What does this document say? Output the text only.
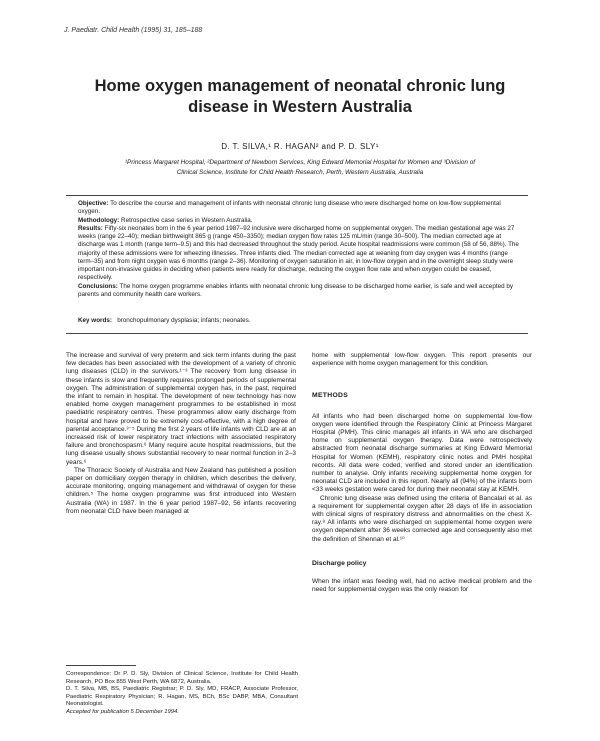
J. Paediatr. Child Health (1995) 31, 185–188
Home oxygen management of neonatal chronic lung
disease in Western Australia
D. T. SILVA,¹ R. HAGAN² and P. D. SLY¹
¹Princess Margaret Hospital, ²Department of Newborn Services, King Edward Memorial Hospital for Women and ³Division of
Clinical Science, Institute for Child Health Research, Perth, Western Australia, Australia

Objective: To describe the course and management of infants with neonatal chronic lung disease who were discharged home on low-flow supplemental oxygen.

Methodology: Retrospective case series in Western Australia.

Results: Fifty-six neonates born in the 6 year period 1987–92 inclusive were discharged home on supplemental oxygen. The median gestational age was 27 weeks (range 22–40); median birthweight 865 g (range 450–3350); median oxygen flow rates 125 mL/min (range 30–500). The median corrected age at discharge was 1 month (range term–9.5) and this had decreased throughout the study period. Acute hospital readmissions were common (58 of 56, 88%). The majority of these admissions were for wheezing illnesses. Three infants died. The median corrected age at weaning from day oxygen was 4 months (range term–35) and from night oxygen was 6 months (range 2–36). Monitoring of oxygen saturation in air, in low-flow oxygen and in the overnight sleep study were important non-invasive guides in deciding when patients were ready for discharge, reducing the oxygen flow rate and when oxygen could be ceased, respectively.

Conclusions: The home oxygen programme enables infants with neonatal chronic lung disease to be discharged home earlier, is safe and well accepted by parents and community health care workers.

Key words: bronchopulmonary dysplasia; infants; neonates.

The increase and survival of very preterm and sick term infants during the past few decades has been associated with the development of a variety of chronic lung diseases (CLD) in the survivors.¹⁻³ The recovery from lung disease in these infants is slow and frequently requires prolonged periods of supplemental oxygen. The administration of supplemental oxygen has, in the past, required the infant to remain in hospital. The development of new technology has now enabled home oxygen management programmes to be established in most paediatric respiratory centres. These programmes allow early discharge from hospital and have proved to be extremely cost-effective, with a high degree of parental acceptance.³⁻⁵ During the first 2 years of life infants with CLD are at an increased risk of lower respiratory tract infections with associated respiratory failure and bronchospasm.⁶ Many require acute hospital readmissions, but the lung disease usually shows substantial recovery to near normal function in 2–3 years.⁶

The Thoracic Society of Australia and New Zealand has published a position paper on domiciliary oxygen therapy in children, which describes the delivery, accurate monitoring, ongoing management and withdrawal of oxygen for these children.⁵ The home oxygen programme was first introduced into Western Australia (WA) in 1987. In the 6 year period 1987–92, 56 infants recovering from neonatal CLD have been managed at

Correspondence: Dr P. D. Sly, Division of Clinical Science, Institute for Child Health Research, PO Box 855 West Perth, WA 6872, Australia.

D. T. Silva, MB, BS, Paediatric Registrar; P. D. Sly, MD, FRACP, Associate Professor, Paediatric Respiratory Physician; R. Hagan, MS, BCh, BSc DABP, MBA, Consultant Neonatologist.

Accepted for publication 5 December 1994.

home with supplemental low-flow oxygen. This report presents our experience with home oxygen management for this condition.

METHODS

All infants who had been discharged home on supplemental low-flow oxygen were identified through the Respiratory Clinic at Princess Margaret Hospital (PMH). This clinic manages all infants in WA who are discharged home on supplemental oxygen therapy. Data were retrospectively abstracted from neonatal discharge summaries at King Edward Memorial Hospital for Women (KEMH), respiratory clinic notes and PMH hospital records. All data were coded, verified and stored under an identification number to analyse. Only infants receiving supplemental home oxygen for neonatal CLD are included in this report. Nearly all (94%) of the infants born <33 weeks gestation were cared for during their neonatal stay at KEMH.

Chronic lung disease was defined using the criteria of Bancalari et al. as a requirement for supplemental oxygen after 28 days of life in association with clinical signs of respiratory distress and abnormalities on the chest X-ray.⁸ All infants who were discharged on supplemental home oxygen were oxygen dependent after 36 weeks corrected age and consequently also met the definition of Shennan et al.¹⁰

Discharge policy

When the infant was feeding well, had no active medical problem and the need for supplemental oxygen was the only reason for
